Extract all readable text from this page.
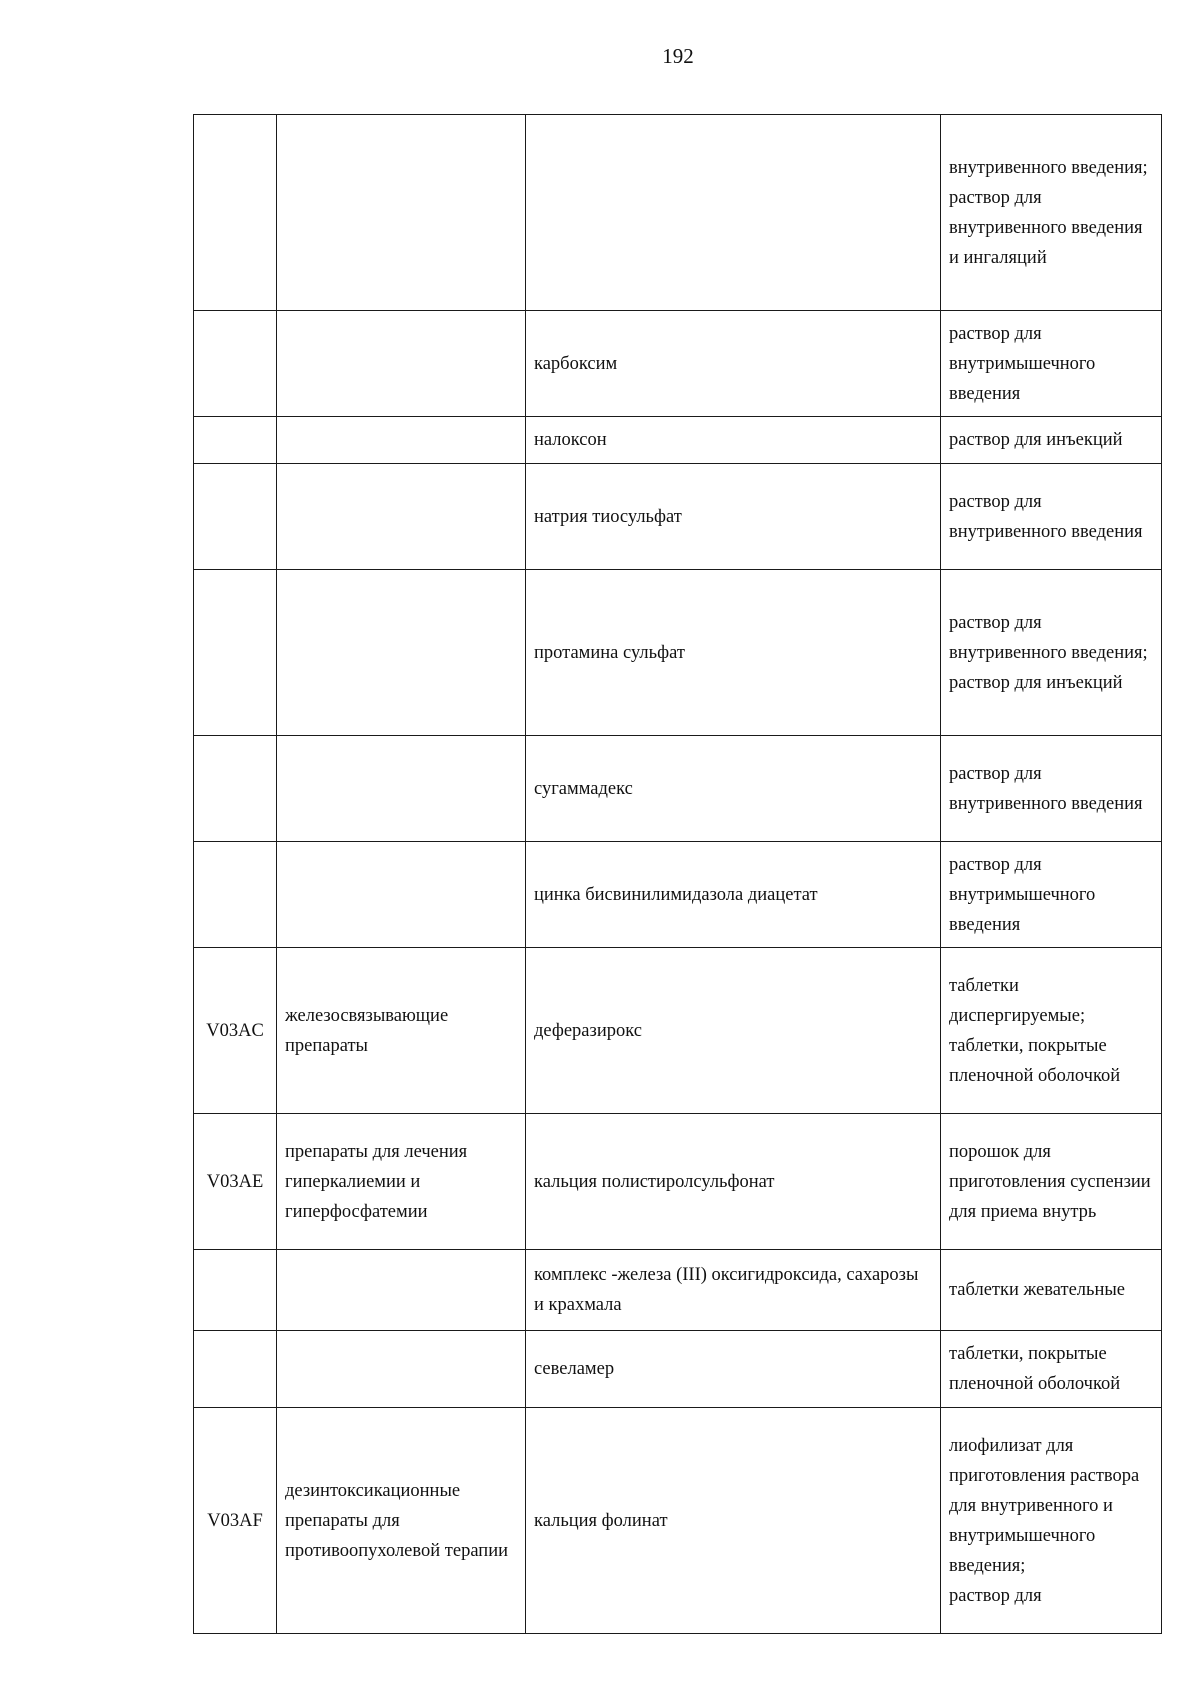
192

			внутривенного введения;
раствор для внутривенного введения и ингаляций

		карбоксим	раствор для внутримышечного введения

		налоксон	раствор для инъекций

		натрия тиосульфат	раствор для внутривенного введения

		протамина сульфат	раствор для внутривенного введения;
раствор для инъекций

		сугаммадекс	раствор для внутривенного введения

		цинка бисвинилимидазола диацетат	раствор для внутримышечного введения

V03AC	железосвязывающие препараты	деферазирокс	таблетки диспергируемые;
таблетки, покрытые пленочной оболочкой

V03AE	препараты для лечения гиперкалиемии и гиперфосфатемии	кальция полистиролсульфонат	порошок для приготовления суспензии для приема внутрь

		комплекс -железа (III) оксигидроксида, сахарозы и крахмала	таблетки жевательные

		севеламер	таблетки, покрытые пленочной оболочкой

V03AF	дезинтоксикационные препараты для противоопухолевой терапии	кальция фолинат	лиофилизат для приготовления раствора для внутривенного и внутримышечного введения;
раствор для
